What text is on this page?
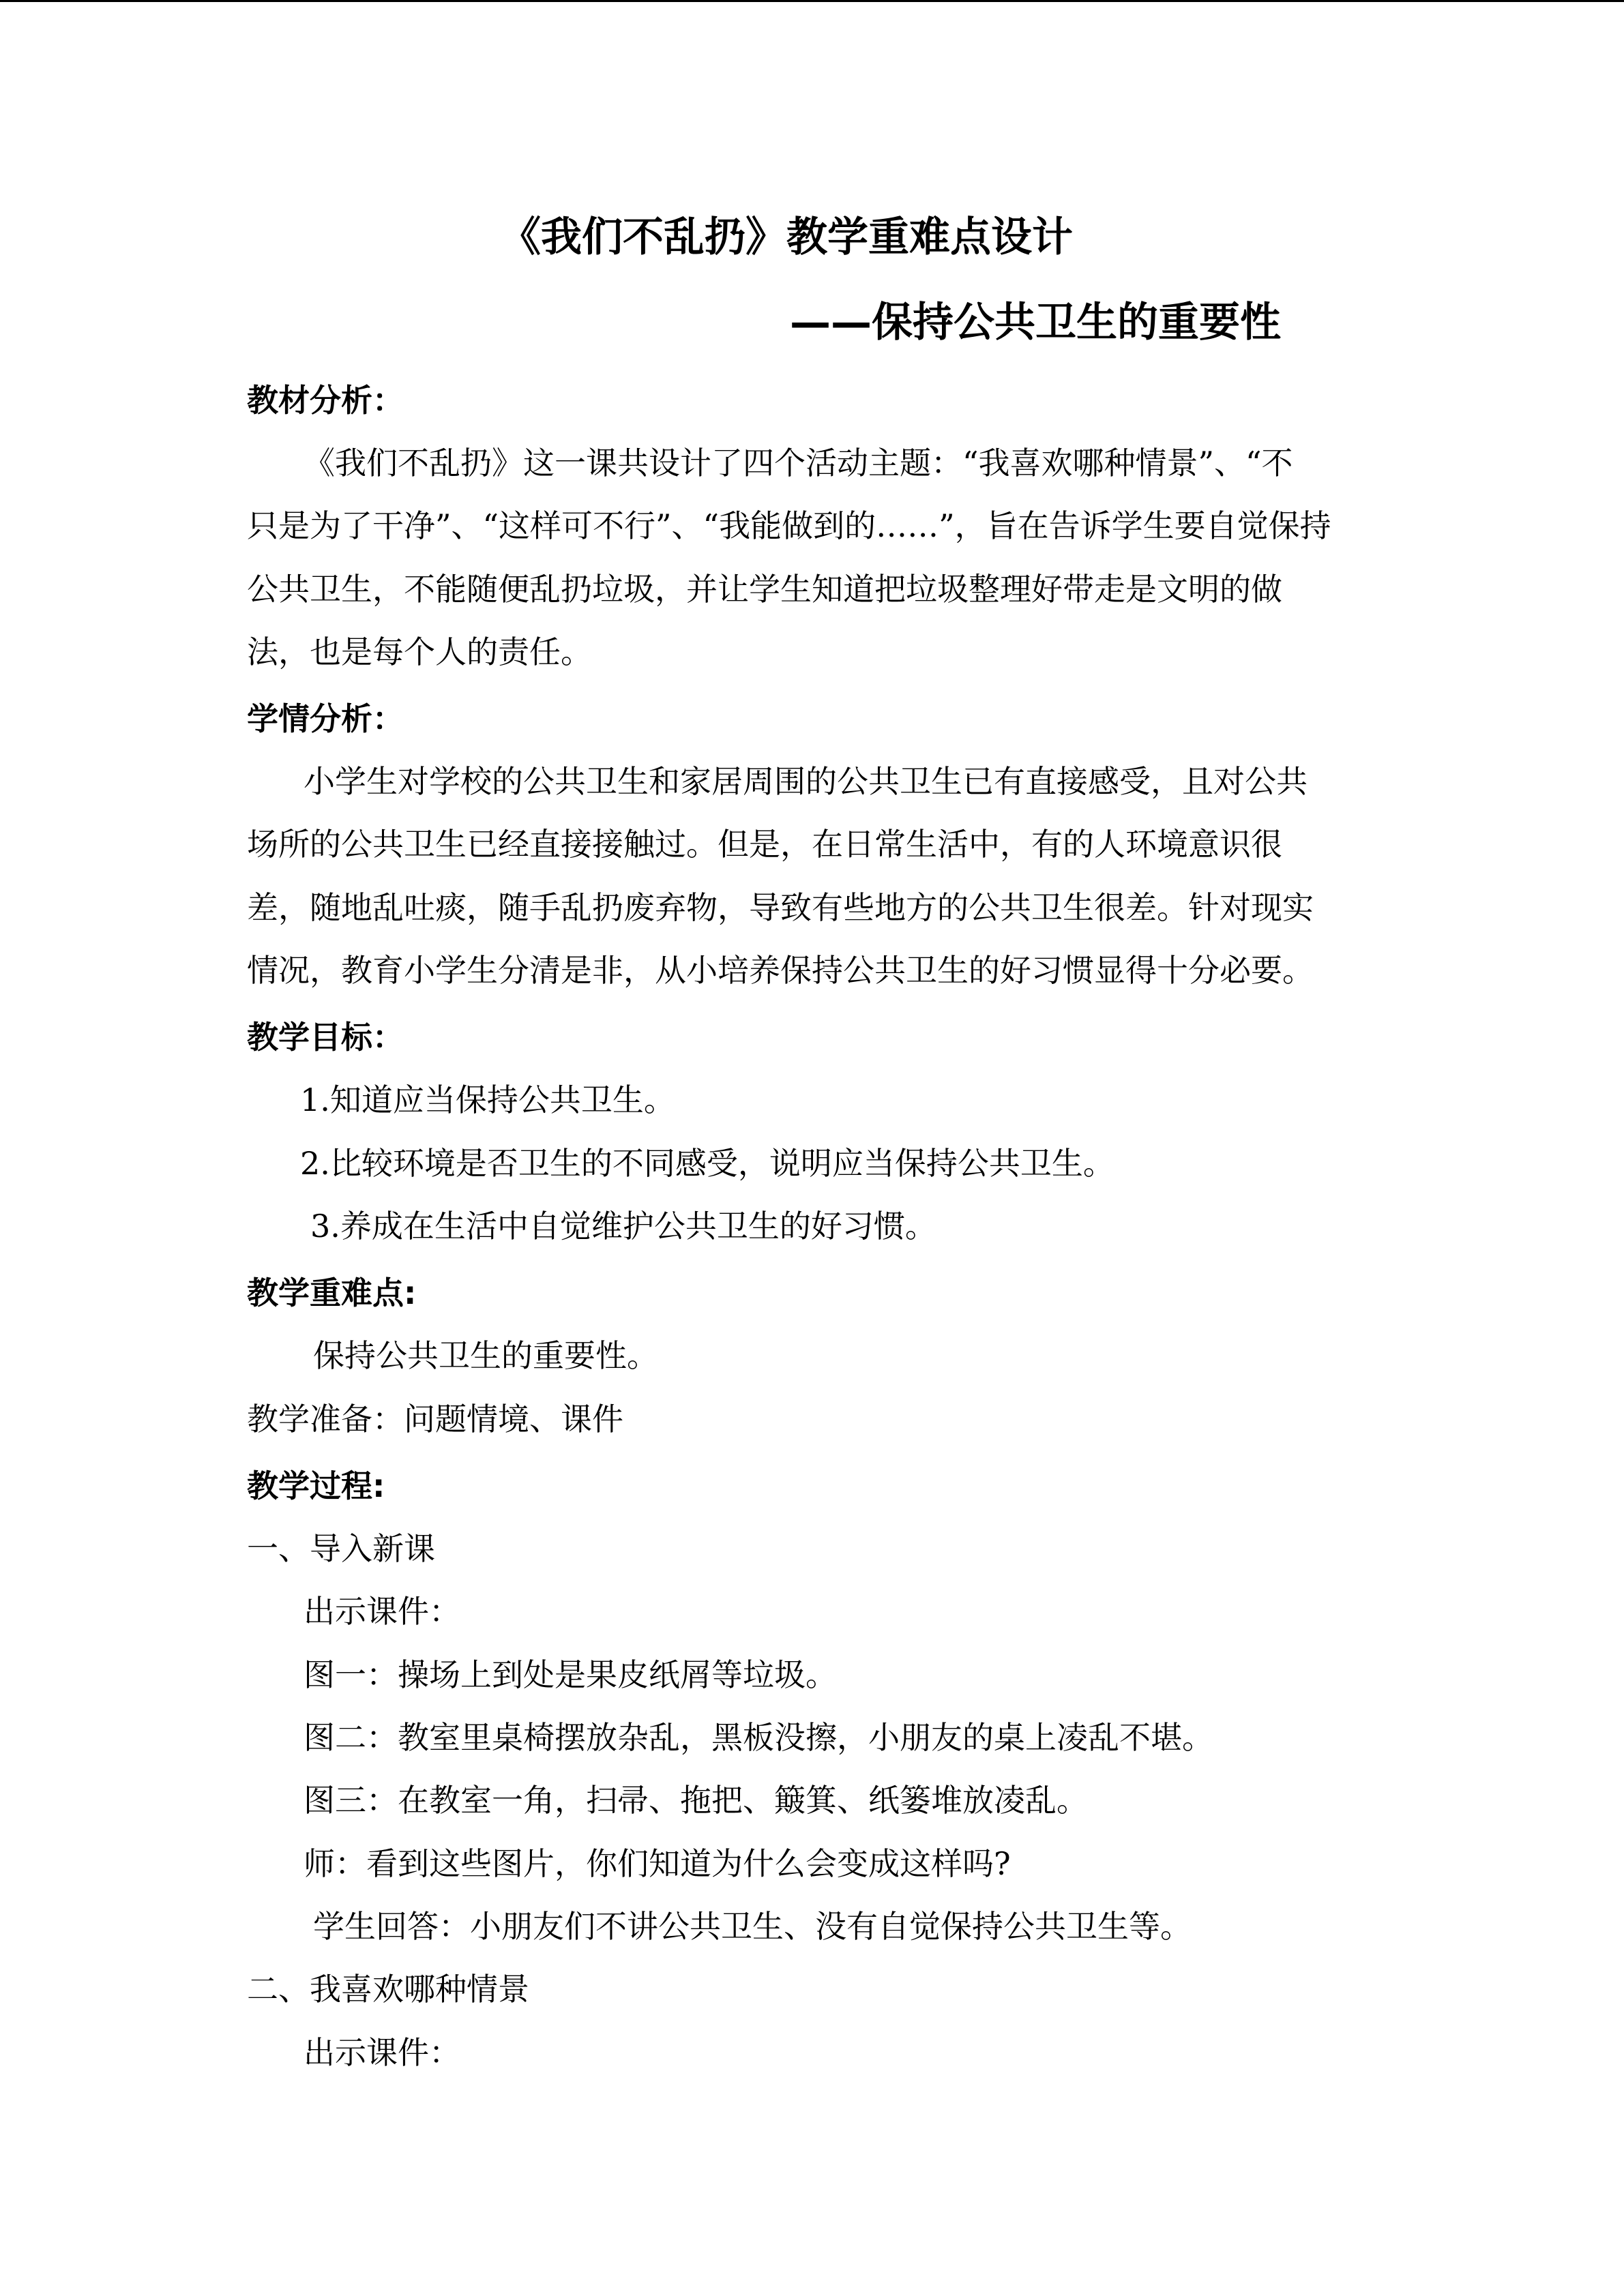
《我们不乱扔》教学重难点设计
——保持公共卫生的重要性
教材分析：
《我们不乱扔》这一课共设计了四个活动主题：“我喜欢哪种情景”、“不
只是为了干净”、“这样可不行”、“我能做到的……”，旨在告诉学生要自觉保持
公共卫生，不能随便乱扔垃圾，并让学生知道把垃圾整理好带走是文明的做
法，也是每个人的责任。
学情分析：
小学生对学校的公共卫生和家居周围的公共卫生已有直接感受，且对公共
场所的公共卫生已经直接接触过。但是，在日常生活中，有的人环境意识很
差，随地乱吐痰，随手乱扔废弃物，导致有些地方的公共卫生很差。针对现实
情况，教育小学生分清是非，从小培养保持公共卫生的好习惯显得十分必要。
教学目标：
1.知道应当保持公共卫生。
2.比较环境是否卫生的不同感受，说明应当保持公共卫生。
3.养成在生活中自觉维护公共卫生的好习惯。
教学重难点:
保持公共卫生的重要性。
教学准备：问题情境、课件
教学过程:
一、导入新课
出示课件：
图一：操场上到处是果皮纸屑等垃圾。
图二：教室里桌椅摆放杂乱，黑板没擦，小朋友的桌上凌乱不堪。
图三：在教室一角，扫帚、拖把、簸箕、纸篓堆放凌乱。
师：看到这些图片，你们知道为什么会变成这样吗?
学生回答：小朋友们不讲公共卫生、没有自觉保持公共卫生等。
二、我喜欢哪种情景
出示课件：
